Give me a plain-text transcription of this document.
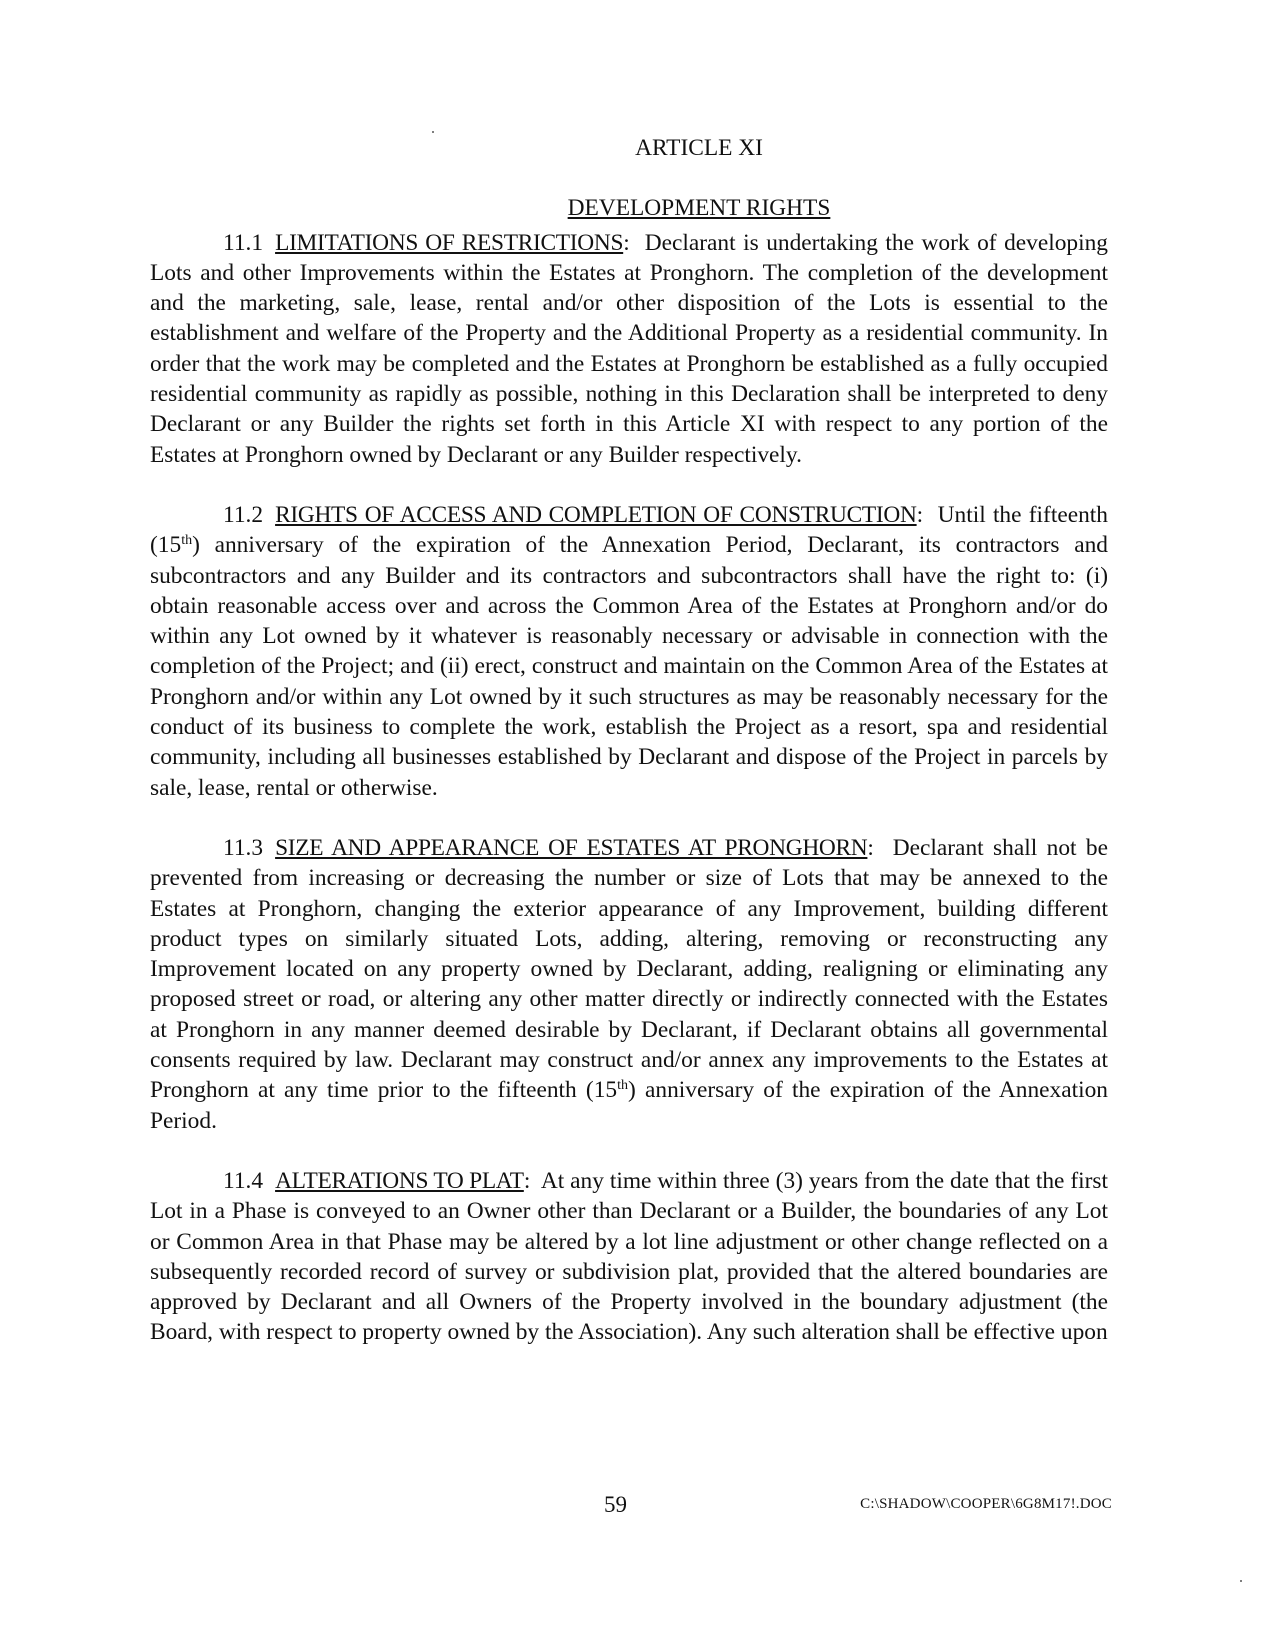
ARTICLE XI

DEVELOPMENT RIGHTS

11.1 LIMITATIONS OF RESTRICTIONS:  Declarant is undertaking the work of developing Lots and other Improvements within the Estates at Pronghorn. The completion of the development and the marketing, sale, lease, rental and/or other disposition of the Lots is essential to the establishment and welfare of the Property and the Additional Property as a residential community. In order that the work may be completed and the Estates at Pronghorn be established as a fully occupied residential community as rapidly as possible, nothing in this Declaration shall be interpreted to deny Declarant or any Builder the rights set forth in this Article XI with respect to any portion of the Estates at Pronghorn owned by Declarant or any Builder respectively.

11.2 RIGHTS OF ACCESS AND COMPLETION OF CONSTRUCTION:  Until the fifteenth (15th) anniversary of the expiration of the Annexation Period, Declarant, its contractors and subcontractors and any Builder and its contractors and subcontractors shall have the right to: (i) obtain reasonable access over and across the Common Area of the Estates at Pronghorn and/or do within any Lot owned by it whatever is reasonably necessary or advisable in connection with the completion of the Project; and (ii) erect, construct and maintain on the Common Area of the Estates at Pronghorn and/or within any Lot owned by it such structures as may be reasonably necessary for the conduct of its business to complete the work, establish the Project as a resort, spa and residential community, including all businesses established by Declarant and dispose of the Project in parcels by sale, lease, rental or otherwise.

11.3 SIZE AND APPEARANCE OF ESTATES AT PRONGHORN:  Declarant shall not be prevented from increasing or decreasing the number or size of Lots that may be annexed to the Estates at Pronghorn, changing the exterior appearance of any Improvement, building different product types on similarly situated Lots, adding, altering, removing or reconstructing any Improvement located on any property owned by Declarant, adding, realigning or eliminating any proposed street or road, or altering any other matter directly or indirectly connected with the Estates at Pronghorn in any manner deemed desirable by Declarant, if Declarant obtains all governmental consents required by law. Declarant may construct and/or annex any improvements to the Estates at Pronghorn at any time prior to the fifteenth (15th) anniversary of the expiration of the Annexation Period.

11.4 ALTERATIONS TO PLAT:  At any time within three (3) years from the date that the first Lot in a Phase is conveyed to an Owner other than Declarant or a Builder, the boundaries of any Lot or Common Area in that Phase may be altered by a lot line adjustment or other change reflected on a subsequently recorded record of survey or subdivision plat, provided that the altered boundaries are approved by Declarant and all Owners of the Property involved in the boundary adjustment (the Board, with respect to property owned by the Association). Any such alteration shall be effective upon

59	C:\SHADOW\COOPER\6G8M17!.DOC
